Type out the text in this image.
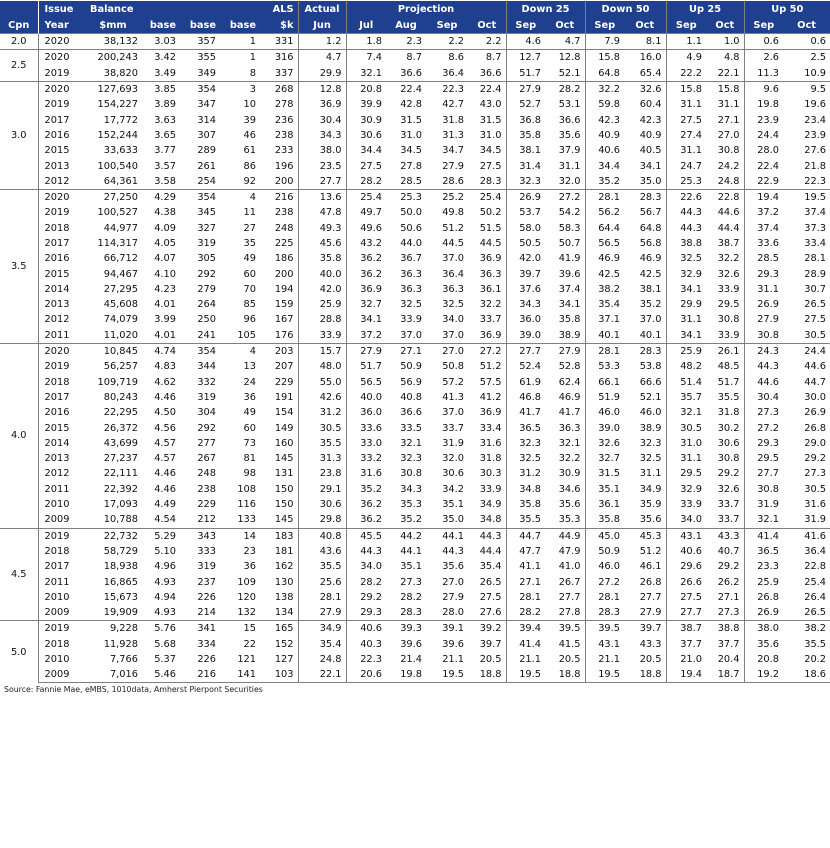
	Issue	Balance				ALS	Actual	Projection				Down 25		Down 50		Up 25		Up 50	
Cpn	Year	$mm	base	base	base	$k	Jun	Jul	Aug	Sep	Oct	Sep	Oct	Sep	Oct	Sep	Oct	Sep	Oct
2.0	2020	38,132	3.03	357	1	331	1.2	1.8	2.3	2.2	2.2	4.6	4.7	7.9	8.1	1.1	1.0	0.6	0.6
2.5	2020	200,243	3.42	355	1	316	4.7	7.4	8.7	8.6	8.7	12.7	12.8	15.8	16.0	4.9	4.8	2.6	2.5
	2019	38,820	3.49	349	8	337	29.9	32.1	36.6	36.4	36.6	51.7	52.1	64.8	65.4	22.2	22.1	11.3	10.9
3.0	2020	127,693	3.85	354	3	268	12.8	20.8	22.4	22.3	22.4	27.9	28.2	32.2	32.6	15.8	15.8	9.6	9.5
	2019	154,227	3.89	347	10	278	36.9	39.9	42.8	42.7	43.0	52.7	53.1	59.8	60.4	31.1	31.1	19.8	19.6
	2017	17,772	3.63	314	39	236	30.4	30.9	31.5	31.8	31.5	36.8	36.6	42.3	42.3	27.5	27.1	23.9	23.4
	2016	152,244	3.65	307	46	238	34.3	30.6	31.0	31.3	31.0	35.8	35.6	40.9	40.9	27.4	27.0	24.4	23.9
	2015	33,633	3.77	289	61	233	38.0	34.4	34.5	34.7	34.5	38.1	37.9	40.6	40.5	31.1	30.8	28.0	27.6
	2013	100,540	3.57	261	86	196	23.5	27.5	27.8	27.9	27.5	31.4	31.1	34.4	34.1	24.7	24.2	22.4	21.8
	2012	64,361	3.58	254	92	200	27.7	28.2	28.5	28.6	28.3	32.3	32.0	35.2	35.0	25.3	24.8	22.9	22.3
3.5	2020	27,250	4.29	354	4	216	13.6	25.4	25.3	25.2	25.4	26.9	27.2	28.1	28.3	22.6	22.8	19.4	19.5
	2019	100,527	4.38	345	11	238	47.8	49.7	50.0	49.8	50.2	53.7	54.2	56.2	56.7	44.3	44.6	37.2	37.4
	2018	44,977	4.09	327	27	248	49.3	49.6	50.6	51.2	51.5	58.0	58.3	64.4	64.8	44.3	44.4	37.4	37.3
	2017	114,317	4.05	319	35	225	45.6	43.2	44.0	44.5	44.5	50.5	50.7	56.5	56.8	38.8	38.7	33.6	33.4
	2016	66,712	4.07	305	49	186	35.8	36.2	36.7	37.0	36.9	42.0	41.9	46.9	46.9	32.5	32.2	28.5	28.1
	2015	94,467	4.10	292	60	200	40.0	36.2	36.3	36.4	36.3	39.7	39.6	42.5	42.5	32.9	32.6	29.3	28.9
	2014	27,295	4.23	279	70	194	42.0	36.9	36.3	36.3	36.1	37.6	37.4	38.2	38.1	34.1	33.9	31.1	30.7
	2013	45,608	4.01	264	85	159	25.9	32.7	32.5	32.5	32.2	34.3	34.1	35.4	35.2	29.9	29.5	26.9	26.5
	2012	74,079	3.99	250	96	167	28.8	34.1	33.9	34.0	33.7	36.0	35.8	37.1	37.0	31.1	30.8	27.9	27.5
	2011	11,020	4.01	241	105	176	33.9	37.2	37.0	37.0	36.9	39.0	38.9	40.1	40.1	34.1	33.9	30.8	30.5
4.0	2020	10,845	4.74	354	4	203	15.7	27.9	27.1	27.0	27.2	27.7	27.9	28.1	28.3	25.9	26.1	24.3	24.4
	2019	56,257	4.83	344	13	207	48.0	51.7	50.9	50.8	51.2	52.4	52.8	53.3	53.8	48.2	48.5	44.3	44.6
	2018	109,719	4.62	332	24	229	55.0	56.5	56.9	57.2	57.5	61.9	62.4	66.1	66.6	51.4	51.7	44.6	44.7
	2017	80,243	4.46	319	36	191	42.6	40.0	40.8	41.3	41.2	46.8	46.9	51.9	52.1	35.7	35.5	30.4	30.0
	2016	22,295	4.50	304	49	154	31.2	36.0	36.6	37.0	36.9	41.7	41.7	46.0	46.0	32.1	31.8	27.3	26.9
	2015	26,372	4.56	292	60	149	30.5	33.6	33.5	33.7	33.4	36.5	36.3	39.0	38.9	30.5	30.2	27.2	26.8
	2014	43,699	4.57	277	73	160	35.5	33.0	32.1	31.9	31.6	32.3	32.1	32.6	32.3	31.0	30.6	29.3	29.0
	2013	27,237	4.57	267	81	145	31.3	33.2	32.3	32.0	31.8	32.5	32.2	32.7	32.5	31.1	30.8	29.5	29.2
	2012	22,111	4.46	248	98	131	23.8	31.6	30.8	30.6	30.3	31.2	30.9	31.5	31.1	29.5	29.2	27.7	27.3
	2011	22,392	4.46	238	108	150	29.1	35.2	34.3	34.2	33.9	34.8	34.6	35.1	34.9	32.9	32.6	30.8	30.5
	2010	17,093	4.49	229	116	150	30.6	36.2	35.3	35.1	34.9	35.8	35.6	36.1	35.9	33.9	33.7	31.9	31.6
	2009	10,788	4.54	212	133	145	29.8	36.2	35.2	35.0	34.8	35.5	35.3	35.8	35.6	34.0	33.7	32.1	31.9
4.5	2019	22,732	5.29	343	14	183	40.8	45.5	44.2	44.1	44.3	44.7	44.9	45.0	45.3	43.1	43.3	41.4	41.6
	2018	58,729	5.10	333	23	181	43.6	44.3	44.1	44.3	44.4	47.7	47.9	50.9	51.2	40.6	40.7	36.5	36.4
	2017	18,938	4.96	319	36	162	35.5	34.0	35.1	35.6	35.4	41.1	41.0	46.0	46.1	29.6	29.2	23.3	22.8
	2011	16,865	4.93	237	109	130	25.6	28.2	27.3	27.0	26.5	27.1	26.7	27.2	26.8	26.6	26.2	25.9	25.4
	2010	15,673	4.94	226	120	138	28.1	29.2	28.2	27.9	27.5	28.1	27.7	28.1	27.7	27.5	27.1	26.8	26.4
	2009	19,909	4.93	214	132	134	27.9	29.3	28.3	28.0	27.6	28.2	27.8	28.3	27.9	27.7	27.3	26.9	26.5
5.0	2019	9,228	5.76	341	15	165	34.9	40.6	39.3	39.1	39.2	39.4	39.5	39.5	39.7	38.7	38.8	38.0	38.2
	2018	11,928	5.68	334	22	152	35.4	40.3	39.6	39.6	39.7	41.4	41.5	43.1	43.3	37.7	37.7	35.6	35.5
	2010	7,766	5.37	226	121	127	24.8	22.3	21.4	21.1	20.5	21.1	20.5	21.1	20.5	21.0	20.4	20.8	20.2
	2009	7,016	5.46	216	141	103	22.1	20.6	19.8	19.5	18.8	19.5	18.8	19.5	18.8	19.4	18.7	19.2	18.6
Source: Fannie Mae, eMBS, 1010data, Amherst Pierpont Securities
